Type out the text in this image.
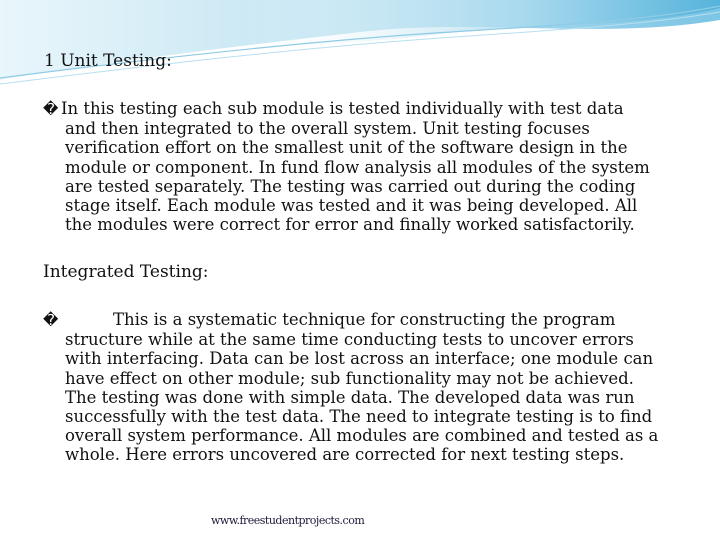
1 Unit Testing:
� In this testing each sub module is tested individually with test data
and then integrated to the overall system. Unit testing focuses
verification effort on the smallest unit of the software design in the
module or component. In fund flow analysis all modules of the system
are tested separately. The testing was carried out during the coding
stage itself. Each module was tested and it was being developed. All
the modules were correct for error and finally worked satisfactorily.
Integrated Testing:
�	This is a systematic technique for constructing the program
structure while at the same time conducting tests to uncover errors
with interfacing. Data can be lost across an interface; one module can
have effect on other module; sub functionality may not be achieved.
The testing was done with simple data. The developed data was run
successfully with the test data. The need to integrate testing is to find
overall system performance. All modules are combined and tested as a
whole. Here errors uncovered are corrected for next testing steps.
www.freestudentprojects.com
